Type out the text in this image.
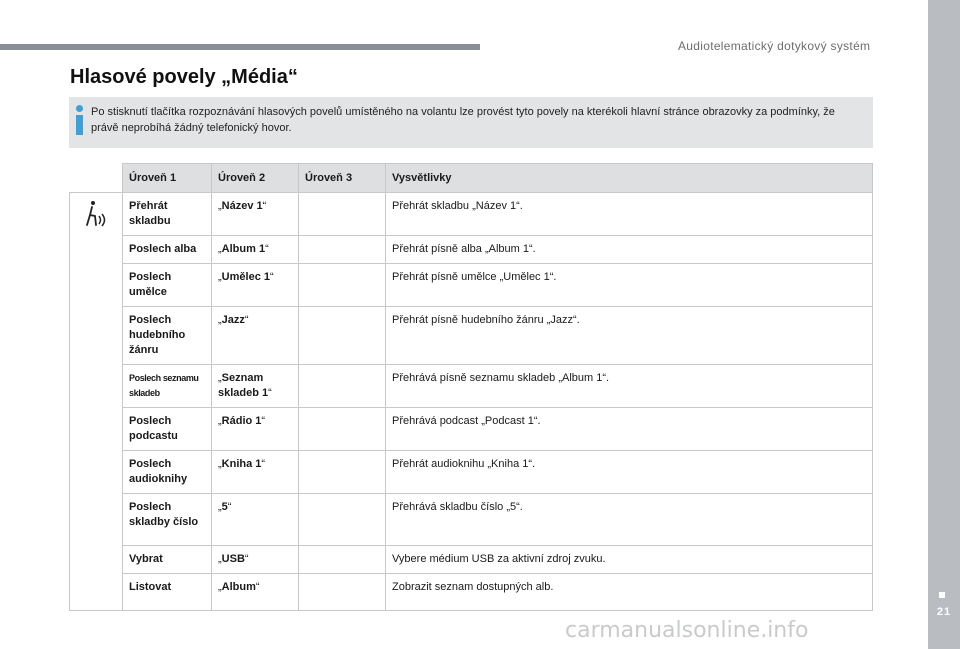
Audiotelematický dotykový systém
21
Hlasové povely „Média“
Po stisknutí tlačítka rozpoznávání hlasových povelů umístěného na volantu lze provést tyto povely na kterékoli hlavní stránce obrazovky za podmínky, že právě neprobíhá žádný telefonický hovor.
	Úroveň 1	Úroveň 2	Úroveň 3	Vysvětlivky

	Přehrát skladbu	„Název 1“		Přehrát skladbu „Název 1“.
	Poslech alba	„Album 1“		Přehrát písně alba „Album 1“.
	Poslech umělce	„Umělec 1“		Přehrát písně umělce „Umělec 1“.
	Poslech hudebního žánru	„Jazz“		Přehrát písně hudebního žánru „Jazz“.
	Poslech seznamu skladeb	„Seznam skladeb 1“		Přehrává písně seznamu skladeb „Album 1“.
	Poslech podcastu	„Rádio 1“		Přehrává podcast „Podcast 1“.
	Poslech audioknihy	„Kniha 1“		Přehrát audioknihu „Kniha 1“.
	Poslech skladby číslo	„5“		Přehrává skladbu číslo „5“.
	Vybrat	„USB“		Vybere médium USB za aktivní zdroj zvuku.
	Listovat	„Album“		Zobrazit seznam dostupných alb.
carmanualsonline.info
